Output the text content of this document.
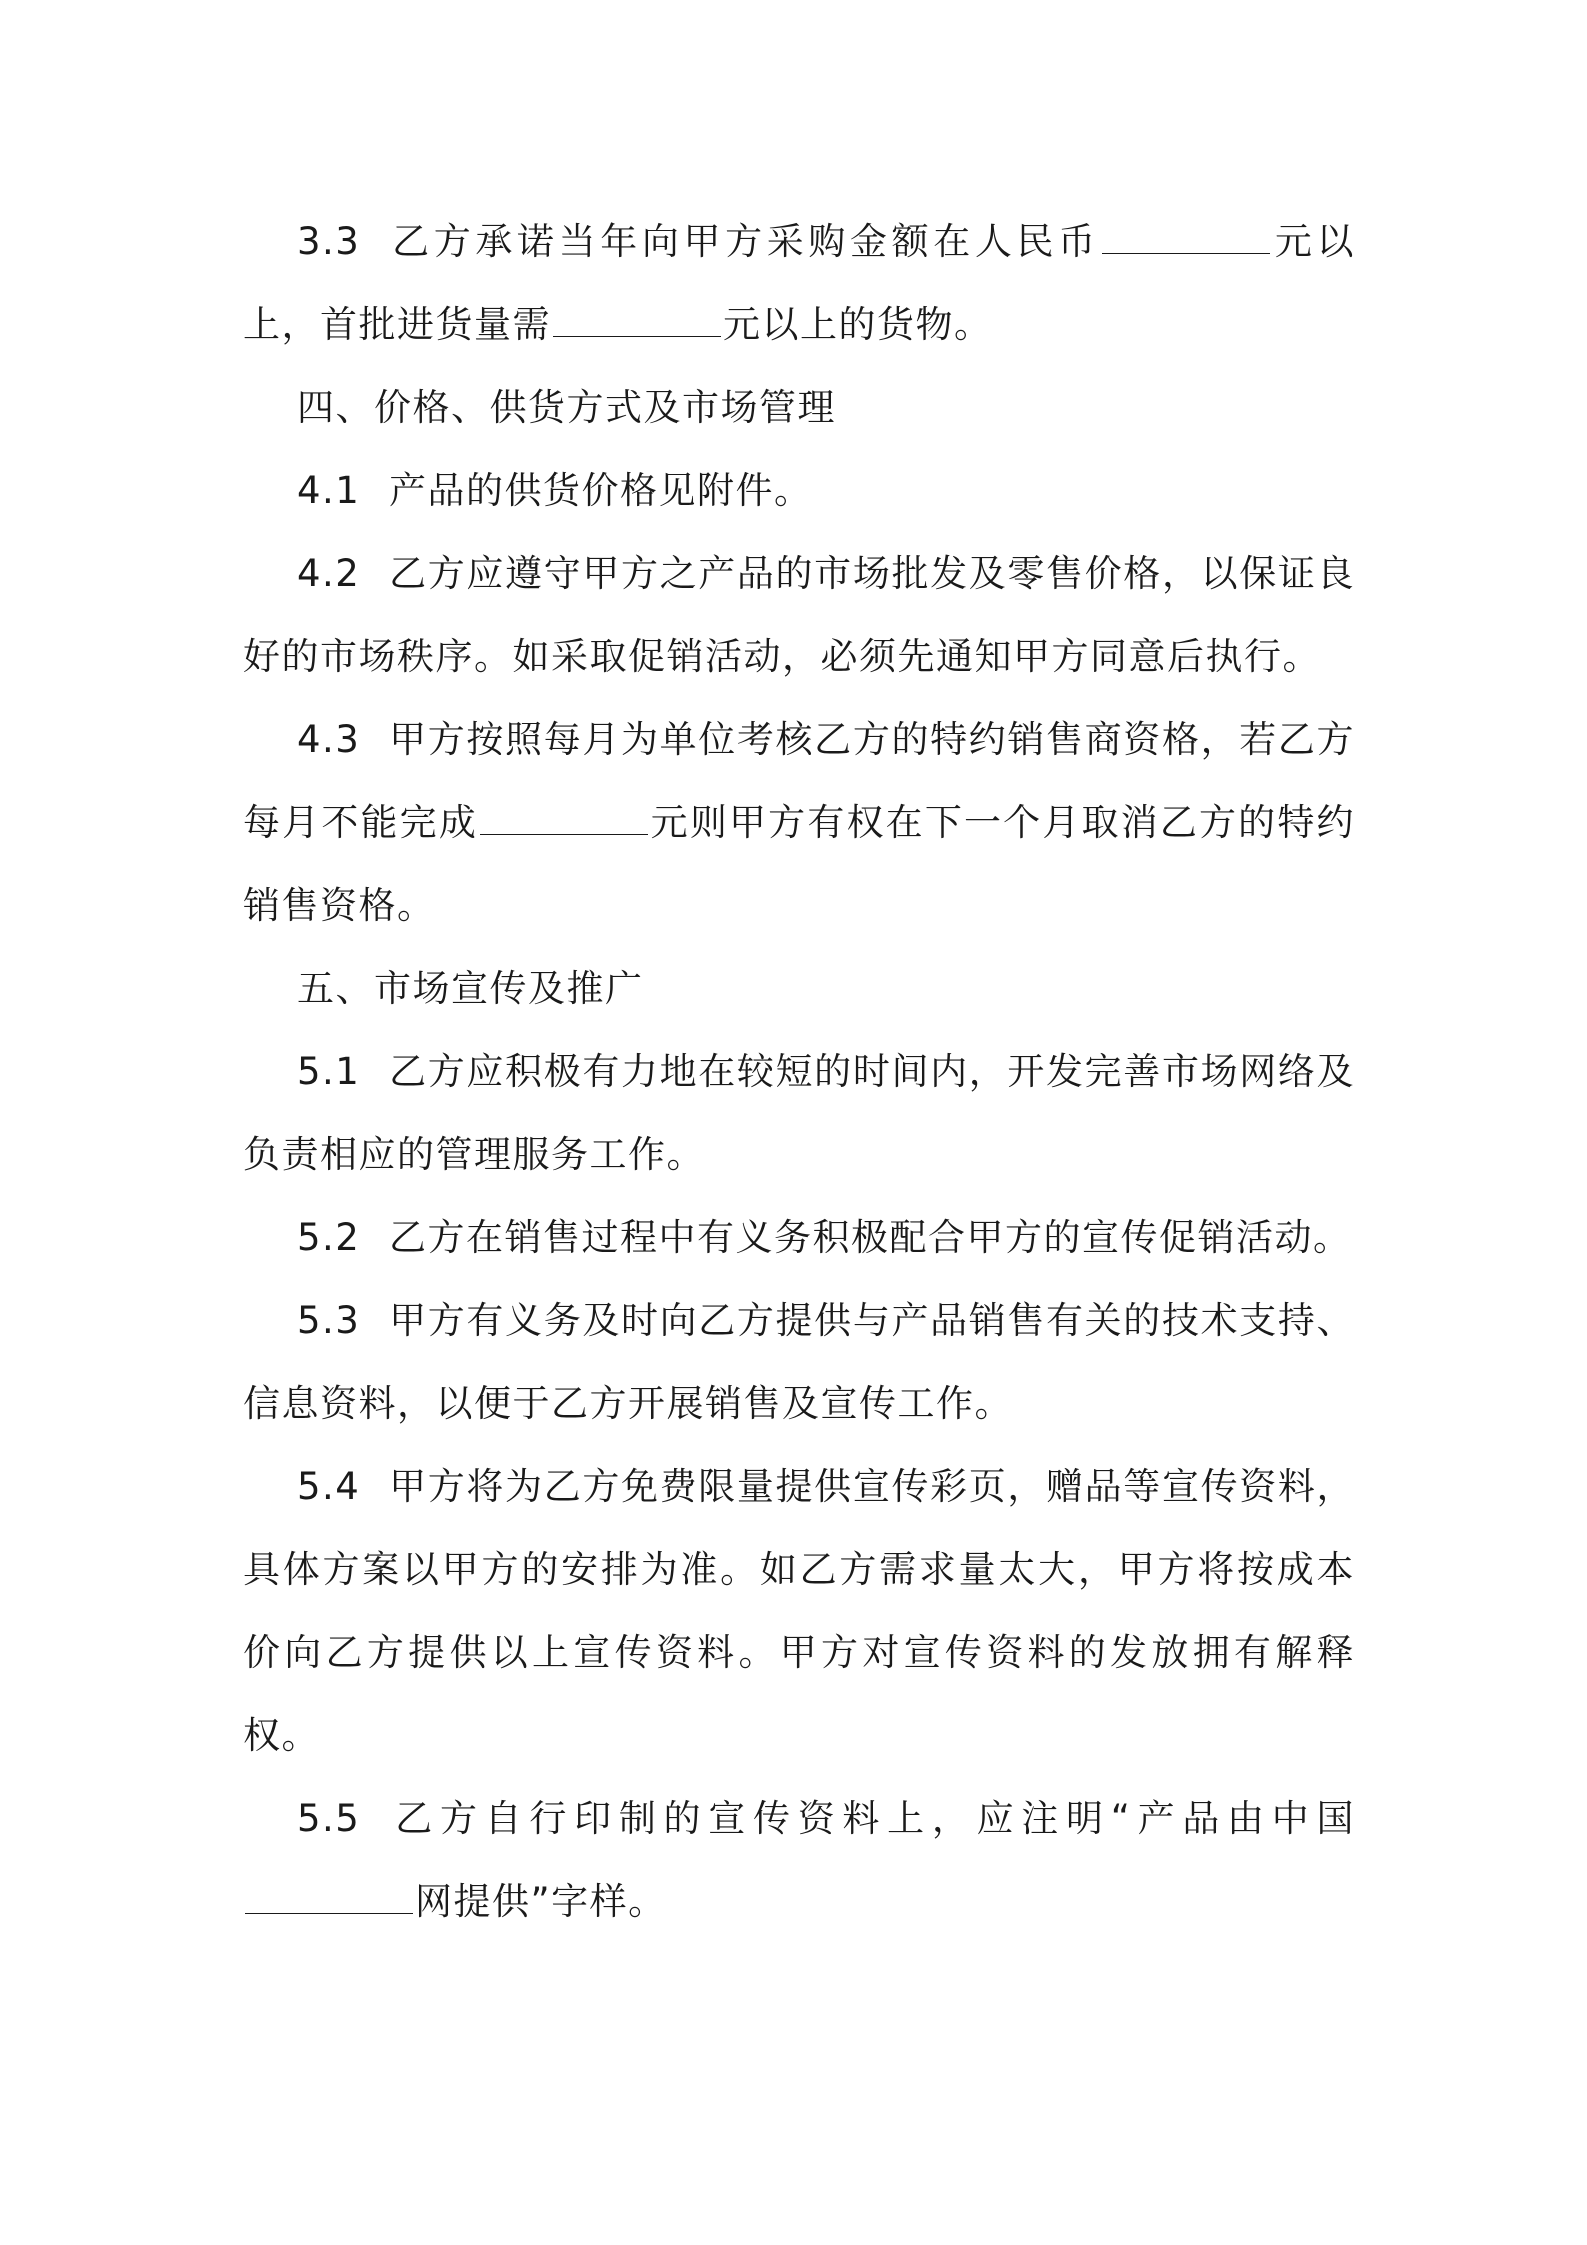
3.3 乙方承诺当年向甲方采购金额在人民币	元以上，首批进货量需	元以上的货物。

四、价格、供货方式及市场管理

4.1 产品的供货价格见附件。

4.2 乙方应遵守甲方之产品的市场批发及零售价格，以保证良好的市场秩序。如采取促销活动，必须先通知甲方同意后执行。

4.3 甲方按照每月为单位考核乙方的特约销售商资格，若乙方每月不能完成	元则甲方有权在下一个月取消乙方的特约销售资格。

五、市场宣传及推广

5.1 乙方应积极有力地在较短的时间内，开发完善市场网络及负责相应的管理服务工作。

5.2 乙方在销售过程中有义务积极配合甲方的宣传促销活动。

5.3 甲方有义务及时向乙方提供与产品销售有关的技术支持、信息资料，以便于乙方开展销售及宣传工作。

5.4 甲方将为乙方免费限量提供宣传彩页，赠品等宣传资料，具体方案以甲方的安排为准。如乙方需求量太大，甲方将按成本价向乙方提供以上宣传资料。甲方对宣传资料的发放拥有解释权。

5.5 乙方自行印制的宣传资料上，应注明“产品由中国网提供”字样。
